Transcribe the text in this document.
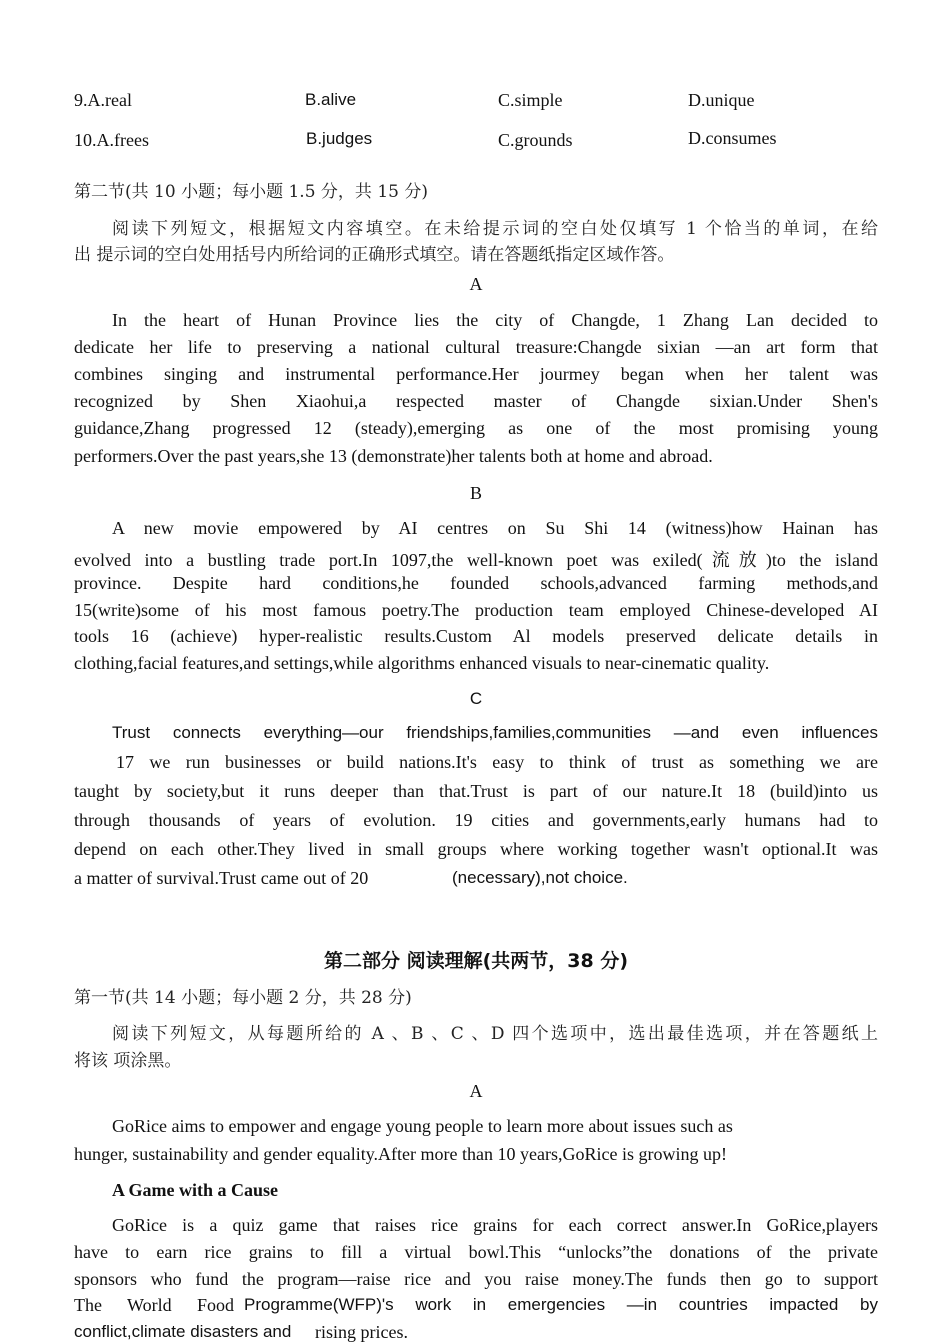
9.A.real	B.alive	C.simple	D.unique
10.A.frees	B.judges	C.grounds	D.consumes
第二节(共 10 小题；每小题 1.5 分，共 15 分)
阅读下列短文，根据短文内容填空。在未给提示词的空白处仅填写 1 个恰当的单词，在给
出 提示词的空白处用括号内所给词的正确形式填空。请在答题纸指定区域作答。
A
In the heart of Hunan Province lies the city of Changde, 1 Zhang Lan decided to
dedicate her life to preserving a national cultural treasure:Changde sixian —an art form that
combines singing and instrumental performance.Her jourmey began when her talent was
recognized by Shen Xiaohui,a respected master of Changde sixian.Under Shen's
guidance,Zhang progressed 12 (steady),emerging as one of the most promising young
performers.Over the past years,she 13 (demonstrate)her talents both at home and abroad.
B
A new movie empowered by AI centres on Su Shi 14 (witness)how Hainan has
evolved into a bustling trade port.In 1097,the well-known poet was exiled(流放)to the island
province. Despite hard conditions,he founded schools,advanced farming methods,and
15(write)some of his most famous poetry.The production team employed Chinese-developed AI
tools 16 (achieve) hyper-realistic results.Custom Al models preserved delicate details in
clothing,facial features,and settings,while algorithms enhanced visuals to near-cinematic quality.
C
Trust connects everything—our friendships,families,communities —and even influences
17 we run businesses or build nations.It's easy to think of trust as something we are
taught by society,but it runs deeper than that.Trust is part of our nature.It 18 (build)into us
through thousands of years of evolution. 19 cities and governments,early humans had to
depend on each other.They lived in small groups where working together wasn't optional.It was
a matter of survival.Trust came out of 20	(necessary),not choice.
第二部分 阅读理解(共两节，38 分)
第一节(共 14 小题；每小题 2 分，共 28 分)
阅读下列短文，从每题所给的 A 、B 、C 、D 四个选项中，选出最佳选项，并在答题纸上
将该 项涂黑。
A
GoRice aims to empower and engage young people to learn more about issues such as
hunger, sustainability and gender equality.After more than 10 years,GoRice is growing up!
A Game with a Cause
GoRice is a quiz game that raises rice grains for each correct answer.In GoRice,players
have to earn rice grains to fill a virtual bowl.This “unlocks”the donations of the private
sponsors who fund the program—raise rice and you raise money.The funds then go to support
The World Food Programme(WFP)'s work in emergencies —in countries impacted by
conflict,climate disasters and rising prices.
